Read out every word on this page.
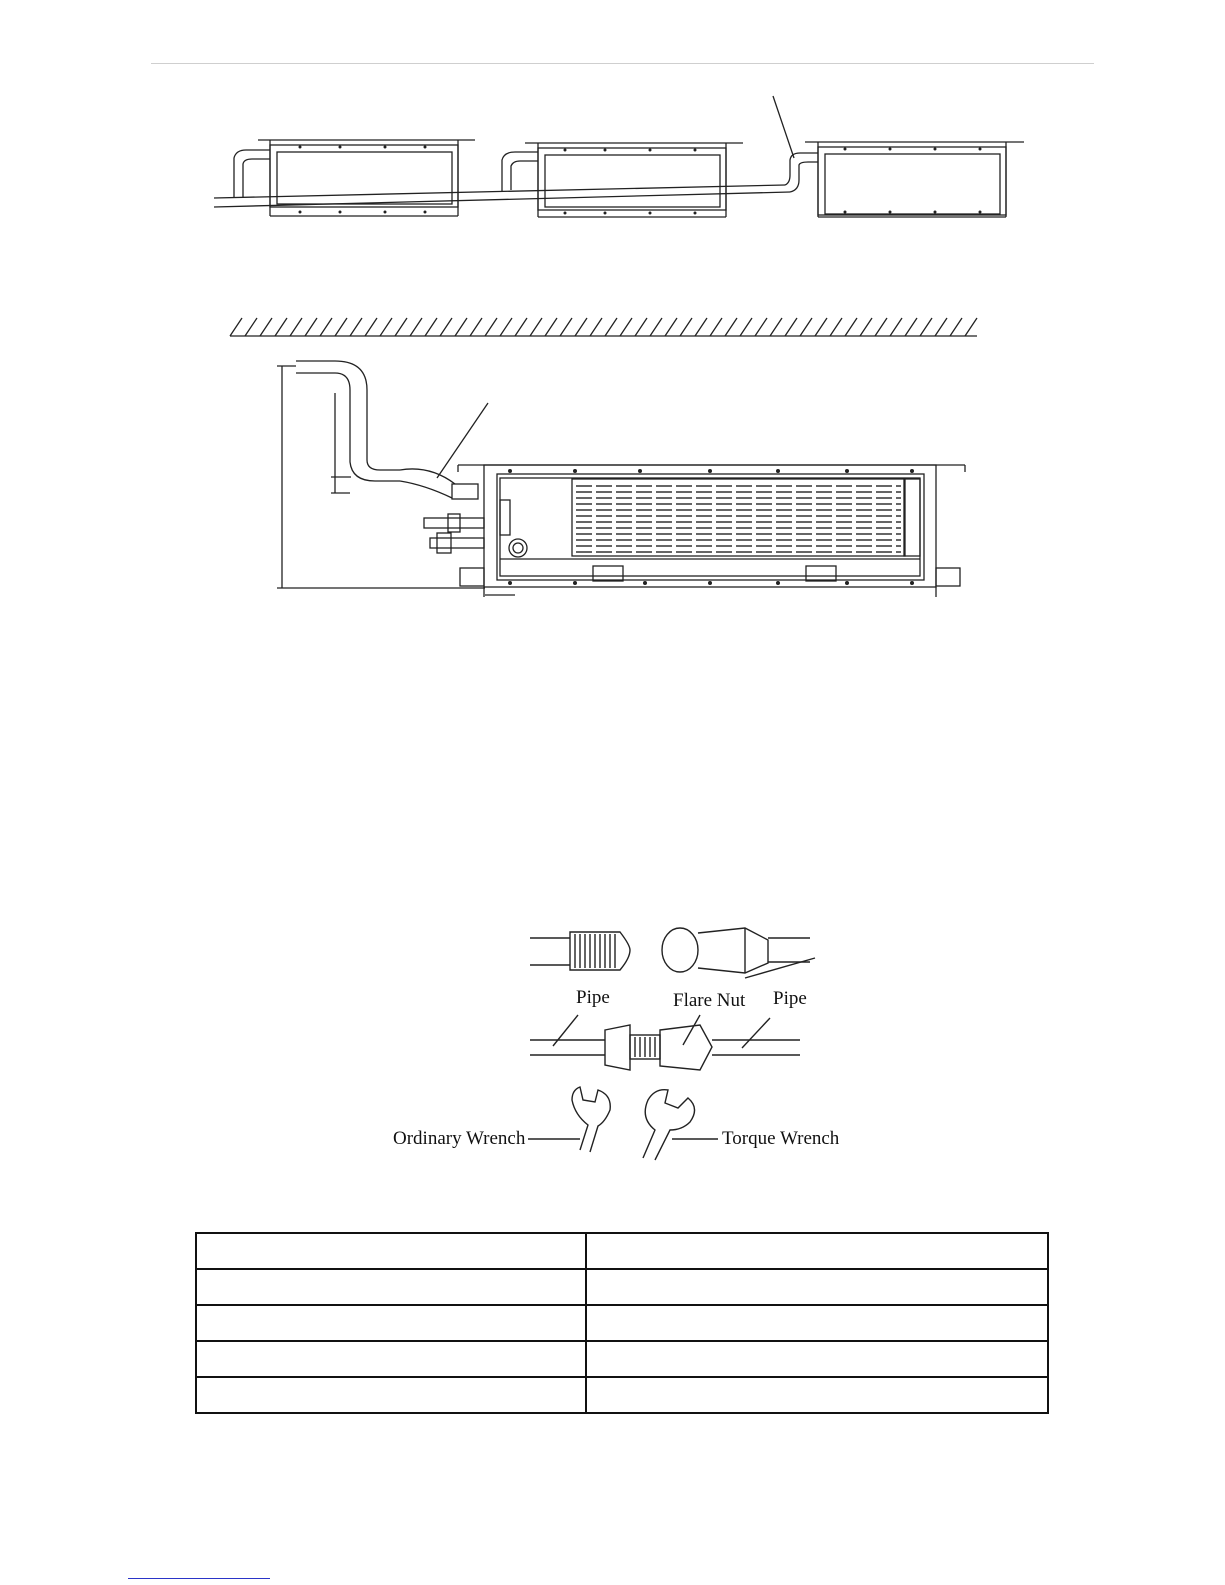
Pipe	Flare Nut Pipe
Ordinary Wrench	Torque Wrench
